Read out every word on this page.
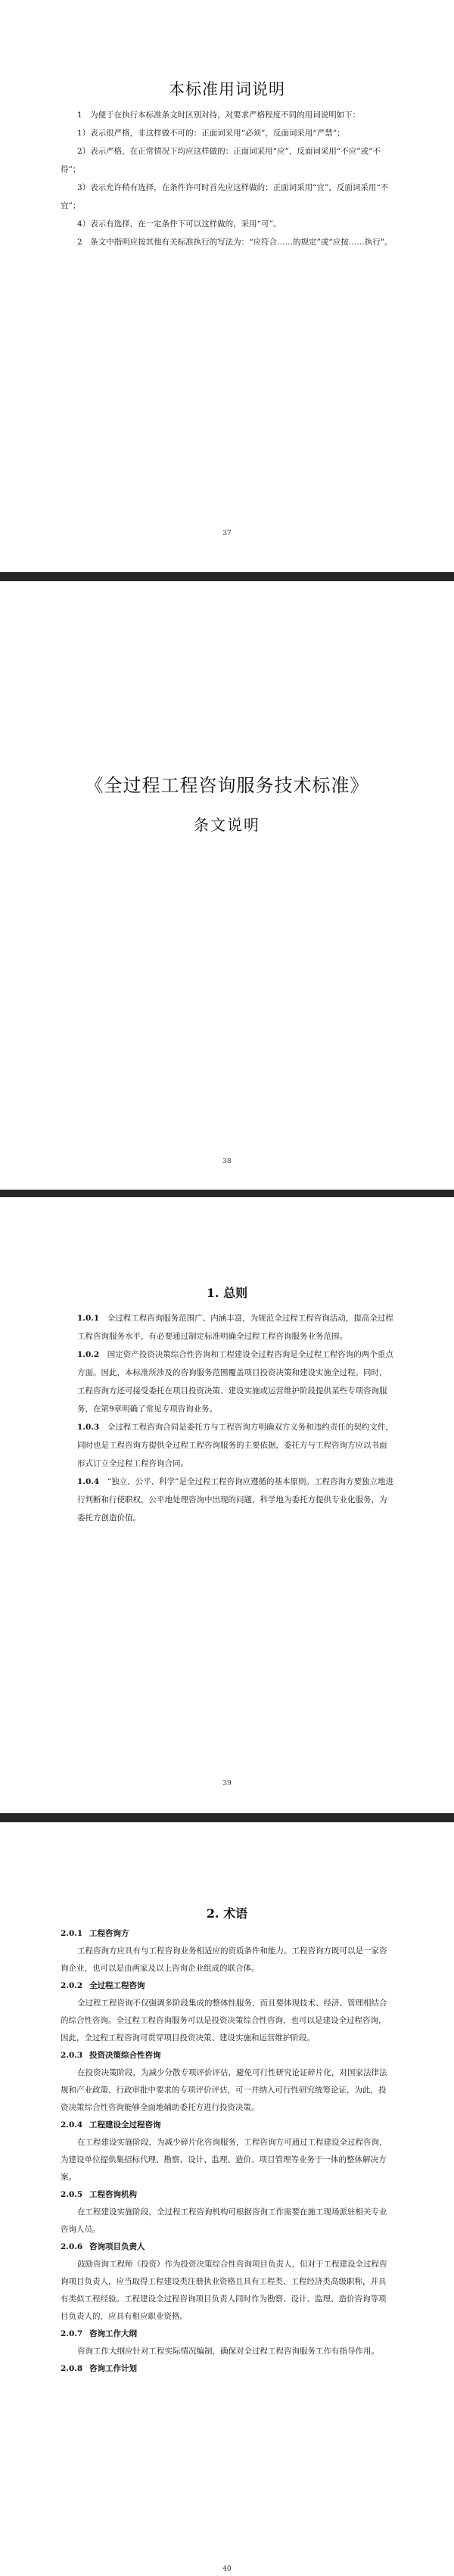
本标准用词说明

1　为便于在执行本标准条文时区别对待，对要求严格程度不同的用词说明如下：

1）表示很严格，非这样做不可的：正面词采用“必须”，反面词采用“严禁”；

2）表示严格，在正常情况下均应这样做的：正面词采用“应”，反面词采用“不应”或“不得”；

3）表示允许稍有选择，在条件许可时首先应这样做的：正面词采用“宜”，反面词采用“不宜”；

4）表示有选择，在一定条件下可以这样做的，采用“可”。

2　条文中指明应按其他有关标准执行的写法为：“应符合……的规定”或“应按……执行”。

37
《全过程工程咨询服务技术标准》
条文说明
38
1. 总则

1.0.1　 全过程工程咨询服务范围广、内涵丰富，为规范全过程工程咨询活动，提高全过程工程咨询服务水平，有必要通过制定标准明确全过程工程咨询服务业务范围。

1.0.2　 国定资产投资决策综合性咨询和工程建设全过程咨询是全过程工程咨询的两个重点方面。因此，本标准所涉及的咨询服务范围覆盖项目投资决策和建设实施全过程。同时，工程咨询方还可接受委托在项目投资决策、建设实施或运营维护阶段提供某些专项咨询服务，在第9章明确了常见专项咨询业务。

1.0.3　 全过程工程咨询合同是委托方与工程咨询方明确双方义务和违约责任的契约文件，同时也是工程咨询方提供全过程工程咨询服务的主要依据，委托方与工程咨询方应以书面形式订立全过程工程咨询合同。

1.0.4　 “独立、公平、科学”是全过程工程咨询应遵循的基本原则。工程咨询方要独立地进行判断和行使职权，公平地处理咨询中出现的问题，科学地为委托方提供专业化服务，为委托方创造价值。

39
2. 术语
2.0.1 工程咨询方

工程咨询方应具有与工程咨询业务相适应的资质条件和能力。工程咨询方既可以是一家咨询企业，也可以是由两家及以上咨询企业组成的联合体。

2.0.2 全过程工程咨询

全过程工程咨询不仅强调多阶段集成的整体性服务，而且要体现技术、经济、管理相结合的综合性咨询。全过程工程咨询服务可以是投资决策综合性咨询，也可以是建设全过程咨询，因此，全过程工程咨询可贯穿项目投资决策、建设实施和运营维护阶段。

2.0.3 投资决策综合性咨询

在投资决策阶段，为减少分散专项评价评估，避免可行性研究论证碎片化，对国家法律法规和产业政策、行政审批中要求的专项评价评估，可一并纳入可行性研究统筹论证，为此，投资决策综合性咨询能够全面地辅助委托方进行投资决策。

2.0.4 工程建设全过程咨询

在工程建设实施阶段，为减少碎片化咨询服务，工程咨询方可通过工程建设全过程咨询，为建设单位提供集招标代理、勘察、设计、监理、造价、项目管理等业务于一体的整体解决方案。

2.0.5 工程咨询机构

在工程建设实施阶段，全过程工程咨询机构可根据咨询工作需要在施工现场派驻相关专业咨询人员。

2.0.6 咨询项目负责人

鼓励咨询工程师（投资）作为投资决策综合性咨询项目负责人，但对于工程建设全过程咨询项目负责人，应当取得工程建设类注册执业资格且具有工程类、工程经济类高级职称，并具有类似工程经验。工程建设全过程咨询项目负责人同时作为勘察、设计、监理、造价咨询等项目负责人的，应具有相应职业资格。

2.0.7 咨询工作大纲

咨询工作大纲应针对工程实际情况编制，确保对全过程工程咨询服务工作有指导作用。

2.0.8 咨询工作计划
40
